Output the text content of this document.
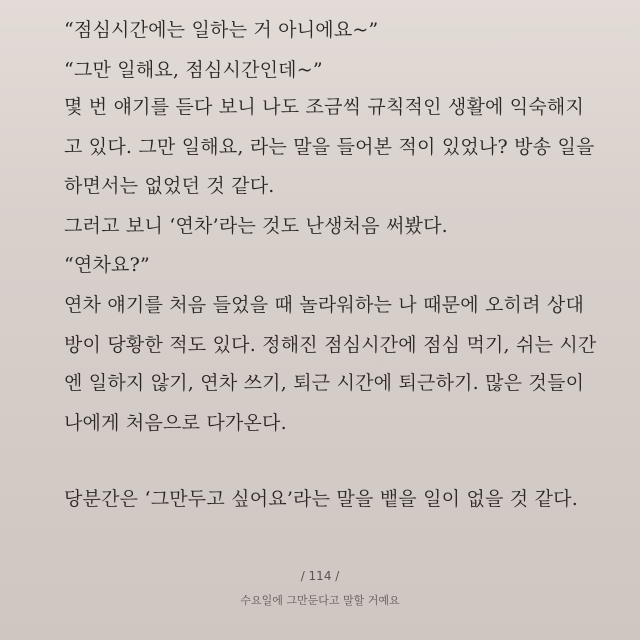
“점심시간에는 일하는 거 아니에요~”
“그만 일해요, 점심시간인데~”
몇 번 얘기를 듣다 보니 나도 조금씩 규칙적인 생활에 익숙해지
고 있다. 그만 일해요, 라는 말을 들어본 적이 있었나? 방송 일을
하면서는 없었던 것 같다.
그러고 보니 ‘연차’라는 것도 난생처음 써봤다.
“연차요?”
연차 얘기를 처음 들었을 때 놀라워하는 나 때문에 오히려 상대
방이 당황한 적도 있다. 정해진 점심시간에 점심 먹기, 쉬는 시간
엔 일하지 않기, 연차 쓰기, 퇴근 시간에 퇴근하기. 많은 것들이
나에게 처음으로 다가온다.
당분간은 ‘그만두고 싶어요’라는 말을 뱉을 일이 없을 것 같다.
/ 114 /
수요일에 그만둔다고 말할 거예요
